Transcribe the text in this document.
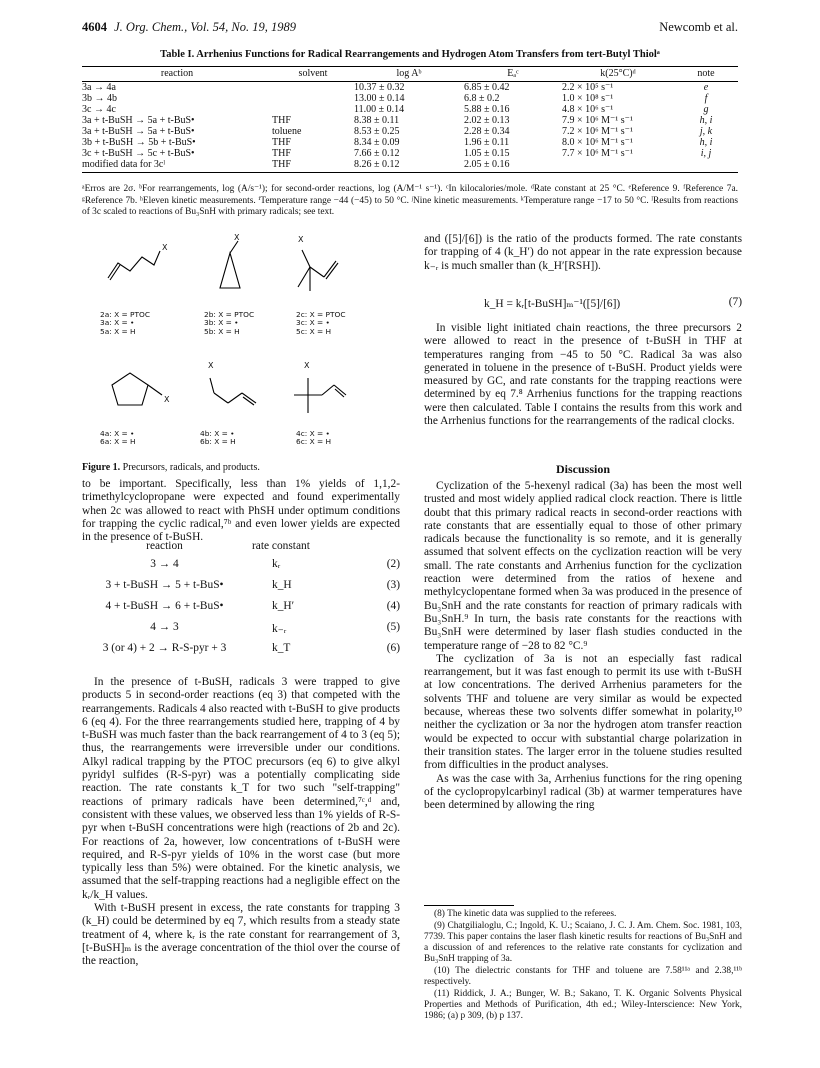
4604 J. Org. Chem., Vol. 54, No. 19, 1989	Newcomb et al.
Table I. Arrhenius Functions for Radical Rearrangements and Hydrogen Atom Transfers from tert-Butyl Thiolᵃ
reaction	solvent	log Aᵇ	Eₐᶜ	k(25°C)ᵈ	note
3a → 4a		10.37 ± 0.32	6.85 ± 0.42	2.2 × 10⁵ s⁻¹	e
3b → 4b		13.00 ± 0.14	6.8 ± 0.2	1.0 × 10⁸ s⁻¹	f
3c → 4c		11.00 ± 0.14	5.88 ± 0.16	4.8 × 10⁶ s⁻¹	g
3a + t-BuSH → 5a + t-BuS•	THF	8.38 ± 0.11	2.02 ± 0.13	7.9 × 10⁶ M⁻¹ s⁻¹	h, i
3a + t-BuSH → 5a + t-BuS•	toluene	8.53 ± 0.25	2.28 ± 0.34	7.2 × 10⁶ M⁻¹ s⁻¹	j, k
3b + t-BuSH → 5b + t-BuS•	THF	8.34 ± 0.09	1.96 ± 0.11	8.0 × 10⁶ M⁻¹ s⁻¹	h, i
3c + t-BuSH → 5c + t-BuS•	THF	7.66 ± 0.12	1.05 ± 0.15	7.7 × 10⁶ M⁻¹ s⁻¹	i, j
modified data for 3cˡ	THF	8.26 ± 0.12	2.05 ± 0.16		
ᵃErros are 2σ. ᵇFor rearrangements, log (A/s⁻¹); for second-order reactions, log (A/M⁻¹ s⁻¹). ᶜIn kilocalories/mole. ᵈRate constant at 25 °C. ᵉReference 9. ᶠReference 7a. ᵍReference 7b. ʰEleven kinetic measurements. ⁱTemperature range −44 (−45) to 50 °C. ʲNine kinetic measurements. ᵏTemperature range −17 to 50 °C. ˡResults from reactions of 3c scaled to reactions of Bu₃SnH with primary radicals; see text.
X
2a: X = PTOC
3a: X = •
5a: X = H
X
2b: X = PTOC
3b: X = •
5b: X = H
X
2c: X = PTOC
3c: X = •
5c: X = H
X
4a: X = •
6a: X = H
X
4b: X = •
6b: X = H
X
4c: X = •
6c: X = H
Figure 1. Precursors, radicals, and products.

to be important. Specifically, less than 1% yields of 1,1,2-trimethylcyclopropane were expected and found experimentally when 2c was allowed to react with PhSH under optimum conditions for trapping the cyclic radical,⁷ᵇ and even lower yields are expected in the presence of t-BuSH.

reaction	rate constant
3 → 4	kᵣ	(2)
3 + t-BuSH → 5 + t-BuS•	k_H	(3)
4 + t-BuSH → 6 + t-BuS•	k_H′	(4)
4 → 3	k₋ᵣ	(5)
3 (or 4) + 2 → R-S-pyr + 3	k_T	(6)

In the presence of t-BuSH, radicals 3 were trapped to give products 5 in second-order reactions (eq 3) that competed with the rearrangements. Radicals 4 also reacted with t-BuSH to give products 6 (eq 4). For the three rearrangements studied here, trapping of 4 by t-BuSH was much faster than the back rearrangement of 4 to 3 (eq 5); thus, the rearrangements were irreversible under our conditions. Alkyl radical trapping by the PTOC precursors (eq 6) to give alkyl pyridyl sulfides (R-S-pyr) was a potentially complicating side reaction. The rate constants k_T for two such "self-trapping" reactions of primary radicals have been determined,⁷ᶜ,ᵈ and, consistent with these values, we observed less than 1% yields of R-S-pyr when t-BuSH concentrations were high (reactions of 2b and 2c). For reactions of 2a, however, low concentrations of t-BuSH were required, and R-S-pyr yields of 10% in the worst case (but more typically less than 5%) were obtained. For the kinetic analysis, we assumed that the self-trapping reactions had a negligible effect on the kᵣ/k_H values.

With t-BuSH present in excess, the rate constants for trapping 3 (k_H) could be determined by eq 7, which results from a steady state treatment of 4, where kᵣ is the rate constant for rearrangement of 3, [t-BuSH]ₘ is the average concentration of the thiol over the course of the reaction,

and ([5]/[6]) is the ratio of the products formed. The rate constants for trapping of 4 (k_H′) do not appear in the rate expression because k₋ᵣ is much smaller than (k_H′[RSH]).

k_H = kᵣ[t-BuSH]ₘ⁻¹([5]/[6])	(7)

In visible light initiated chain reactions, the three precursors 2 were allowed to react in the presence of t-BuSH in THF at temperatures ranging from −45 to 50 °C. Radical 3a was also generated in toluene in the presence of t-BuSH. Product yields were measured by GC, and rate constants for the trapping reactions were determined by eq 7.⁸ Arrhenius functions for the trapping reactions were then calculated. Table I contains the results from this work and the Arrhenius functions for the rearrangements of the radical clocks.

Discussion

Cyclization of the 5-hexenyl radical (3a) has been the most well trusted and most widely applied radical clock reaction. There is little doubt that this primary radical reacts in second-order reactions with rate constants that are essentially equal to those of other primary radicals because the functionality is so remote, and it is generally assumed that solvent effects on the cyclization reaction will be very small. The rate constants and Arrhenius function for the cyclization reaction were determined from the ratios of hexene and methylcyclopentane formed when 3a was produced in the presence of Bu₃SnH and the rate constants for reaction of primary radicals with Bu₃SnH.⁹ In turn, the basis rate constants for the reactions with Bu₃SnH were determined by laser flash studies conducted in the temperature range of −28 to 82 °C.⁹

The cyclization of 3a is not an especially fast radical rearrangement, but it was fast enough to permit its use with t-BuSH at low concentrations. The derived Arrhenius parameters for the solvents THF and toluene are very similar as would be expected because, whereas these two solvents differ somewhat in polarity,¹⁰ neither the cyclization or 3a nor the hydrogen atom transfer reaction would be expected to occur with substantial charge polarization in their transition states. The larger error in the toluene studies resulted from difficulties in the product analyses.

As was the case with 3a, Arrhenius functions for the ring opening of the cyclopropylcarbinyl radical (3b) at warmer temperatures have been determined by allowing the ring

(8) The kinetic data was supplied to the referees.

(9) Chatgilialoglu, C.; Ingold, K. U.; Scaiano, J. C. J. Am. Chem. Soc. 1981, 103, 7739. This paper contains the laser flash kinetic results for reactions of Bu₃SnH and a discussion of and references to the relative rate constants for cyclization and Bu₃SnH trapping of 3a.

(10) The dielectric constants for THF and toluene are 7.58¹¹ᵃ and 2.38,¹¹ᵇ respectively.

(11) Riddick, J. A.; Bunger, W. B.; Sakano, T. K. Organic Solvents Physical Properties and Methods of Purification, 4th ed.; Wiley-Interscience: New York, 1986; (a) p 309, (b) p 137.
